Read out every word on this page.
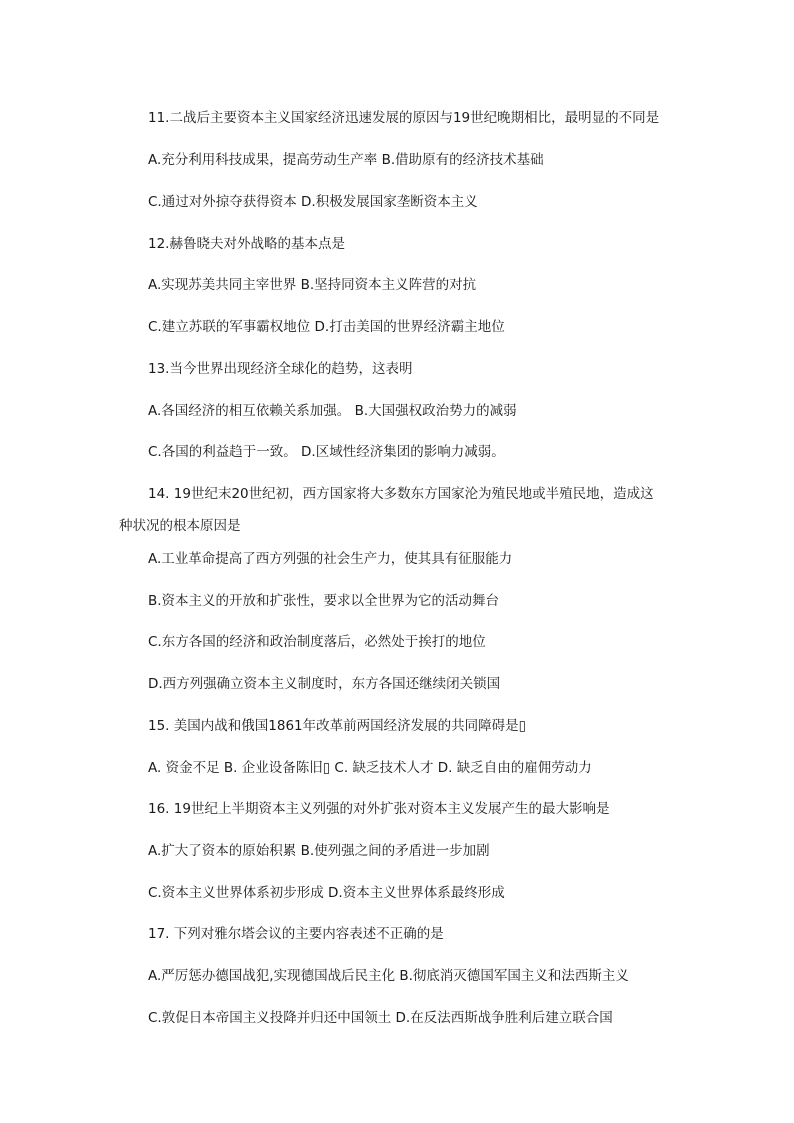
11.二战后主要资本主义国家经济迅速发展的原因与19世纪晚期相比，最明显的不同是
A.充分利用科技成果，提高劳动生产率 B.借助原有的经济技术基础
C.通过对外掠夺获得资本 D.积极发展国家垄断资本主义
12.赫鲁晓夫对外战略的基本点是
A.实现苏美共同主宰世界 B.坚持同资本主义阵营的对抗
C.建立苏联的军事霸权地位 D.打击美国的世界经济霸主地位
13.当今世界出现经济全球化的趋势，这表明
A.各国经济的相互依赖关系加强。 B.大国强权政治势力的减弱
C.各国的利益趋于一致。 D.区域性经济集团的影响力减弱。
14. 19世纪末20世纪初，西方国家将大多数东方国家沦为殖民地或半殖民地，造成这
种状况的根本原因是
A.工业革命提高了西方列强的社会生产力，使其具有征服能力
B.资本主义的开放和扩张性，要求以全世界为它的活动舞台
C.东方各国的经济和政治制度落后，必然处于挨打的地位
D.西方列强确立资本主义制度时，东方各国还继续闭关锁国
15. 美国内战和俄国1861年改革前两国经济发展的共同障碍是▯
A. 资金不足 B. 企业设备陈旧▯ C. 缺乏技术人才 D. 缺乏自由的雇佣劳动力
16. 19世纪上半期资本主义列强的对外扩张对资本主义发展产生的最大影响是
A.扩大了资本的原始积累 B.使列强之间的矛盾进一步加剧
C.资本主义世界体系初步形成 D.资本主义世界体系最终形成
17. 下列对雅尔塔会议的主要内容表述不正确的是
A.严厉惩办德国战犯,实现德国战后民主化 B.彻底消灭德国军国主义和法西斯主义
C.敦促日本帝国主义投降并归还中国领土 D.在反法西斯战争胜利后建立联合国
